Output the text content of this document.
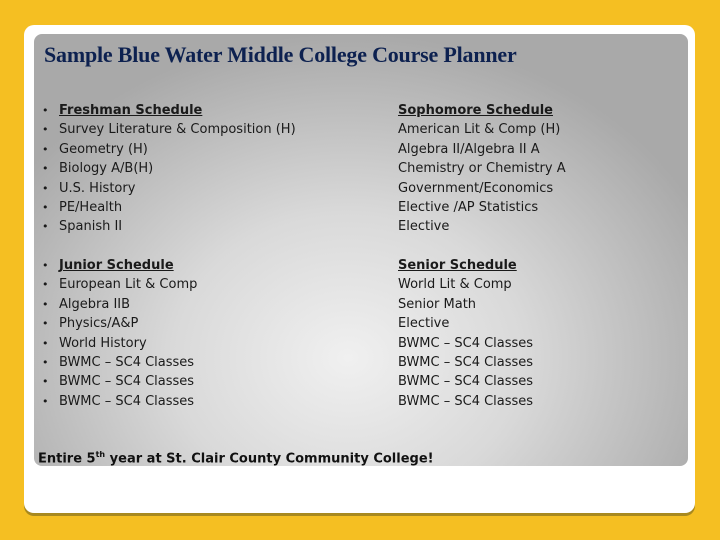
Sample Blue Water Middle College Course Planner
• Freshman Schedule
• Survey Literature & Composition (H)
• Geometry (H)
• Biology A/B(H)
• U.S. History
• PE/Health
• Spanish II
Sophomore Schedule
American Lit & Comp (H)
Algebra II/Algebra II A
Chemistry or Chemistry A
Government/Economics
Elective /AP Statistics
Elective
• Junior Schedule
• European Lit & Comp
• Algebra IIB
• Physics/A&P
• World History
• BWMC – SC4 Classes
• BWMC – SC4 Classes
• BWMC – SC4 Classes
Senior Schedule
World Lit & Comp
Senior Math
Elective
BWMC – SC4 Classes
BWMC – SC4 Classes
BWMC – SC4 Classes
BWMC – SC4 Classes
Entire 5th year at St. Clair County Community College!
